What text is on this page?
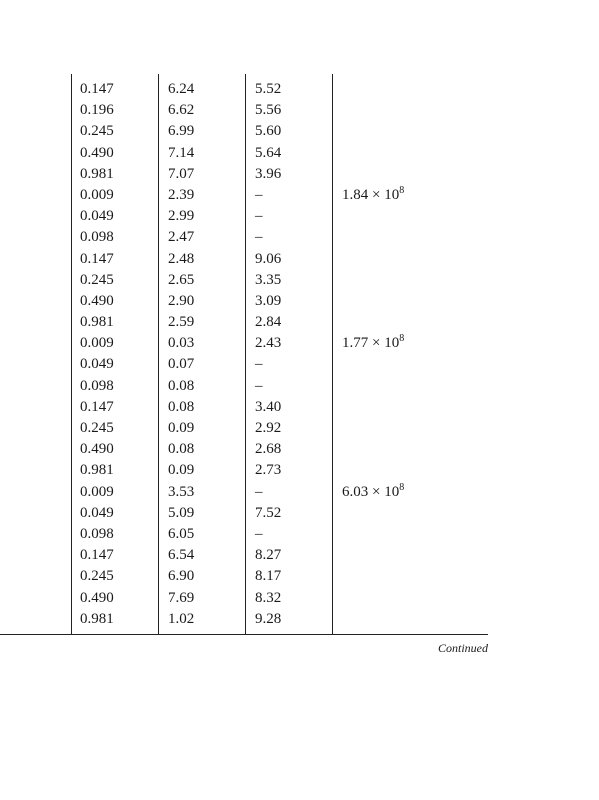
0.147	6.24	5.52
0.196	6.62	5.56
0.245	6.99	5.60
0.490	7.14	5.64
0.981	7.07	3.96
0.009	2.39	–	$1.84 \times 10^8$
0.049	2.99	–
0.098	2.47	–
0.147	2.48	9.06
0.245	2.65	3.35
0.490	2.90	3.09
0.981	2.59	2.84
0.009	0.03	2.43	$1.77 \times 10^8$
0.049	0.07	–
0.098	0.08	–
0.147	0.08	3.40
0.245	0.09	2.92
0.490	0.08	2.68
0.981	0.09	2.73
0.009	3.53	–	$6.03 \times 10^8$
0.049	5.09	7.52
0.098	6.05	–
0.147	6.54	8.27
0.245	6.90	8.17
0.490	7.69	8.32
0.981	1.02	9.28
Continued
